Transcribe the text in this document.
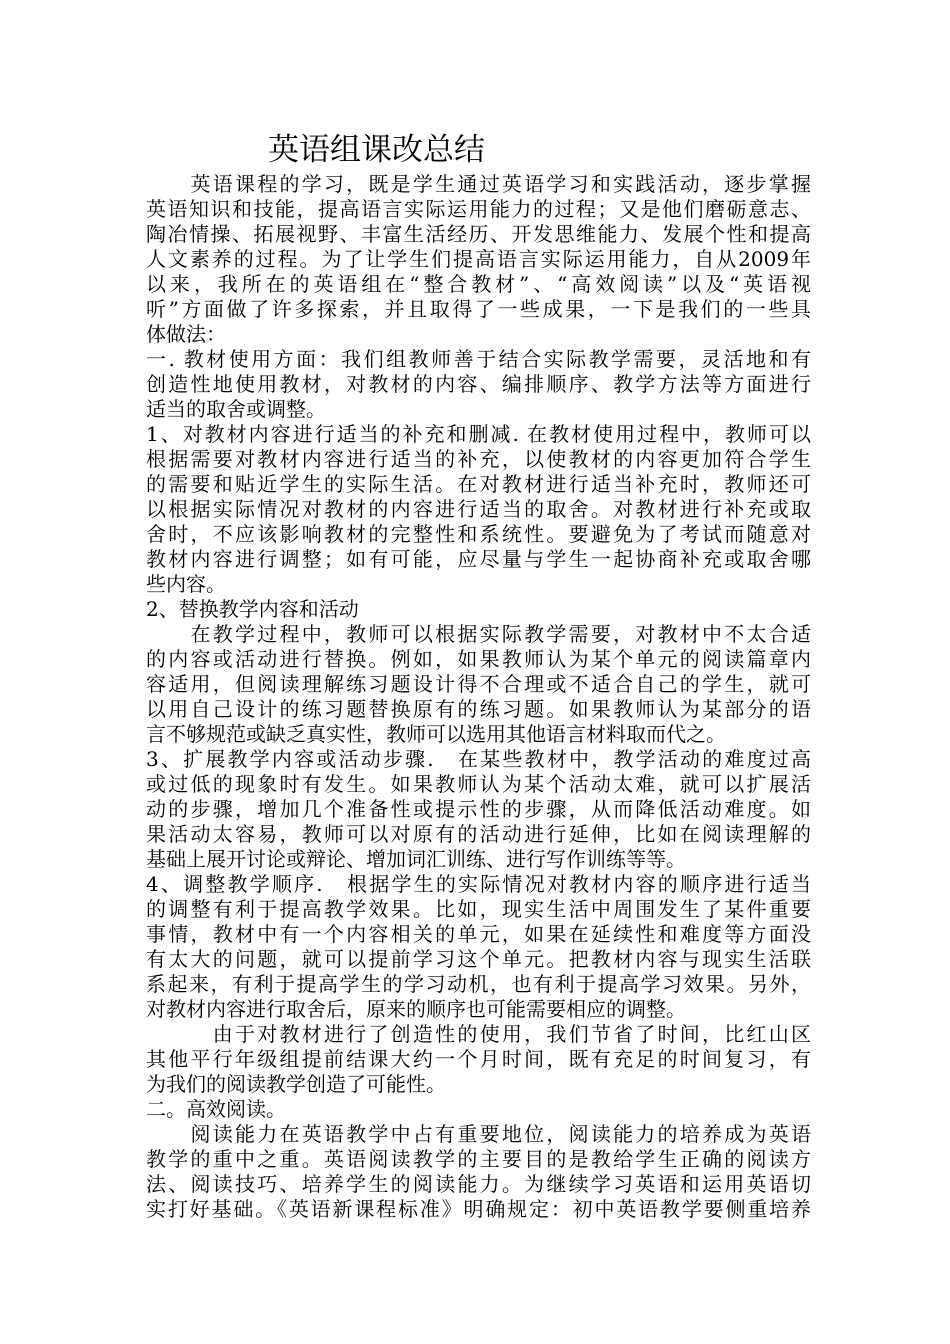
英语组课改总结
　　英语课程的学习，既是学生通过英语学习和实践活动，逐步掌握
英语知识和技能，提高语言实际运用能力的过程；又是他们磨砺意志、
陶冶情操、拓展视野、丰富生活经历、开发思维能力、发展个性和提高
人文素养的过程。为了让学生们提高语言实际运用能力，自从2009年
以来，我所在的英语组在“整合教材”、“高效阅读”以及“英语视
听”方面做了许多探索，并且取得了一些成果，一下是我们的一些具
体做法：
一. 教材使用方面：我们组教师善于结合实际教学需要，灵活地和有
创造性地使用教材，对教材的内容、编排顺序、教学方法等方面进行
适当的取舍或调整。
1、对教材内容进行适当的补充和删减. 在教材使用过程中，教师可以
根据需要对教材内容进行适当的补充，以使教材的内容更加符合学生
的需要和贴近学生的实际生活。在对教材进行适当补充时，教师还可
以根据实际情况对教材的内容进行适当的取舍。对教材进行补充或取
舍时，不应该影响教材的完整性和系统性。要避免为了考试而随意对
教材内容进行调整；如有可能，应尽量与学生一起协商补充或取舍哪
些内容。
2、替换教学内容和活动
　　在教学过程中，教师可以根据实际教学需要，对教材中不太合适
的内容或活动进行替换。例如，如果教师认为某个单元的阅读篇章内
容适用，但阅读理解练习题设计得不合理或不适合自己的学生，就可
以用自己设计的练习题替换原有的练习题。如果教师认为某部分的语
言不够规范或缺乏真实性，教师可以选用其他语言材料取而代之。
3、扩展教学内容或活动步骤.　在某些教材中，教学活动的难度过高
或过低的现象时有发生。如果教师认为某个活动太难，就可以扩展活
动的步骤，增加几个准备性或提示性的步骤，从而降低活动难度。如
果活动太容易，教师可以对原有的活动进行延伸，比如在阅读理解的
基础上展开讨论或辩论、增加词汇训练、进行写作训练等等。
4、调整教学顺序.　根据学生的实际情况对教材内容的顺序进行适当
的调整有利于提高教学效果。比如，现实生活中周围发生了某件重要
事情，教材中有一个内容相关的单元，如果在延续性和难度等方面没
有太大的问题，就可以提前学习这个单元。把教材内容与现实生活联
系起来，有利于提高学生的学习动机，也有利于提高学习效果。另外，
对教材内容进行取舍后，原来的顺序也可能需要相应的调整。
　　　由于对教材进行了创造性的使用，我们节省了时间，比红山区
其他平行年级组提前结课大约一个月时间，既有充足的时间复习，有
为我们的阅读教学创造了可能性。
二。高效阅读。
　　阅读能力在英语教学中占有重要地位，阅读能力的培养成为英语
教学的重中之重。英语阅读教学的主要目的是教给学生正确的阅读方
法、阅读技巧、培养学生的阅读能力。为继续学习英语和运用英语切
实打好基础。《英语新课程标准》明确规定：初中英语教学要侧重培养
